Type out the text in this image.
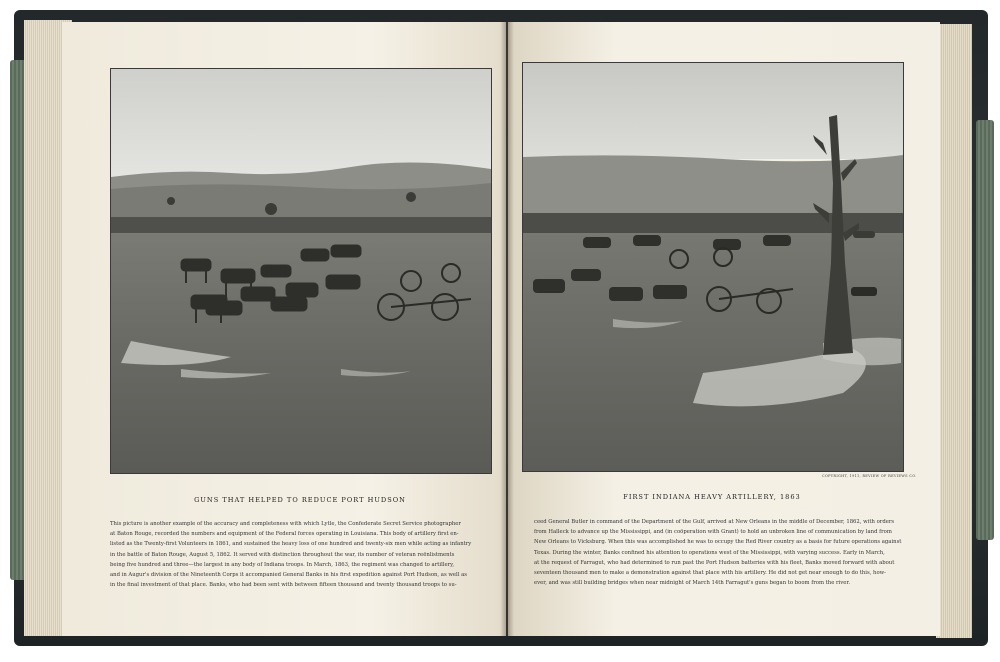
COPYRIGHT, 1911, REVIEW OF REVIEWS CO.
GUNS THAT HELPED TO REDUCE PORT HUDSON	FIRST INDIANA HEAVY ARTILLERY, 1863
This picture is another example of the accuracy and completeness with which Lytle, the Confederate Secret Service photographer
at Baton Rouge, recorded the numbers and equipment of the Federal forces operating in Louisiana. This body of artillery first en-
listed as the Twenty-first Volunteers in 1861, and sustained the heavy loss of one hundred and twenty-six men while acting as infantry
in the battle of Baton Rouge, August 5, 1862. It served with distinction throughout the war, its number of veteran reënlistments
being five hundred and three—the largest in any body of Indiana troops. In March, 1863, the regiment was changed to artillery,
and in Augur's division of the Nineteenth Corps it accompanied General Banks in his first expedition against Port Hudson, as well as
in the final investment of that place. Banks, who had been sent with between fifteen thousand and twenty thousand troops to su-
ceed General Butler in command of the Department of the Gulf, arrived at New Orleans in the middle of December, 1862, with orders
from Halleck to advance up the Mississippi, and (in coöperation with Grant) to hold an unbroken line of communication by land from
New Orleans to Vicksburg. When this was accomplished he was to occupy the Red River country as a basis for future operations against
Texas. During the winter, Banks confined his attention to operations west of the Mississippi, with varying success. Early in March,
at the request of Farragut, who had determined to run past the Port Hudson batteries with his fleet, Banks moved forward with about
seventeen thousand men to make a demonstration against that place with his artillery. He did not get near enough to do this, how-
ever, and was still building bridges when near midnight of March 14th Farragut's guns began to boom from the river.
